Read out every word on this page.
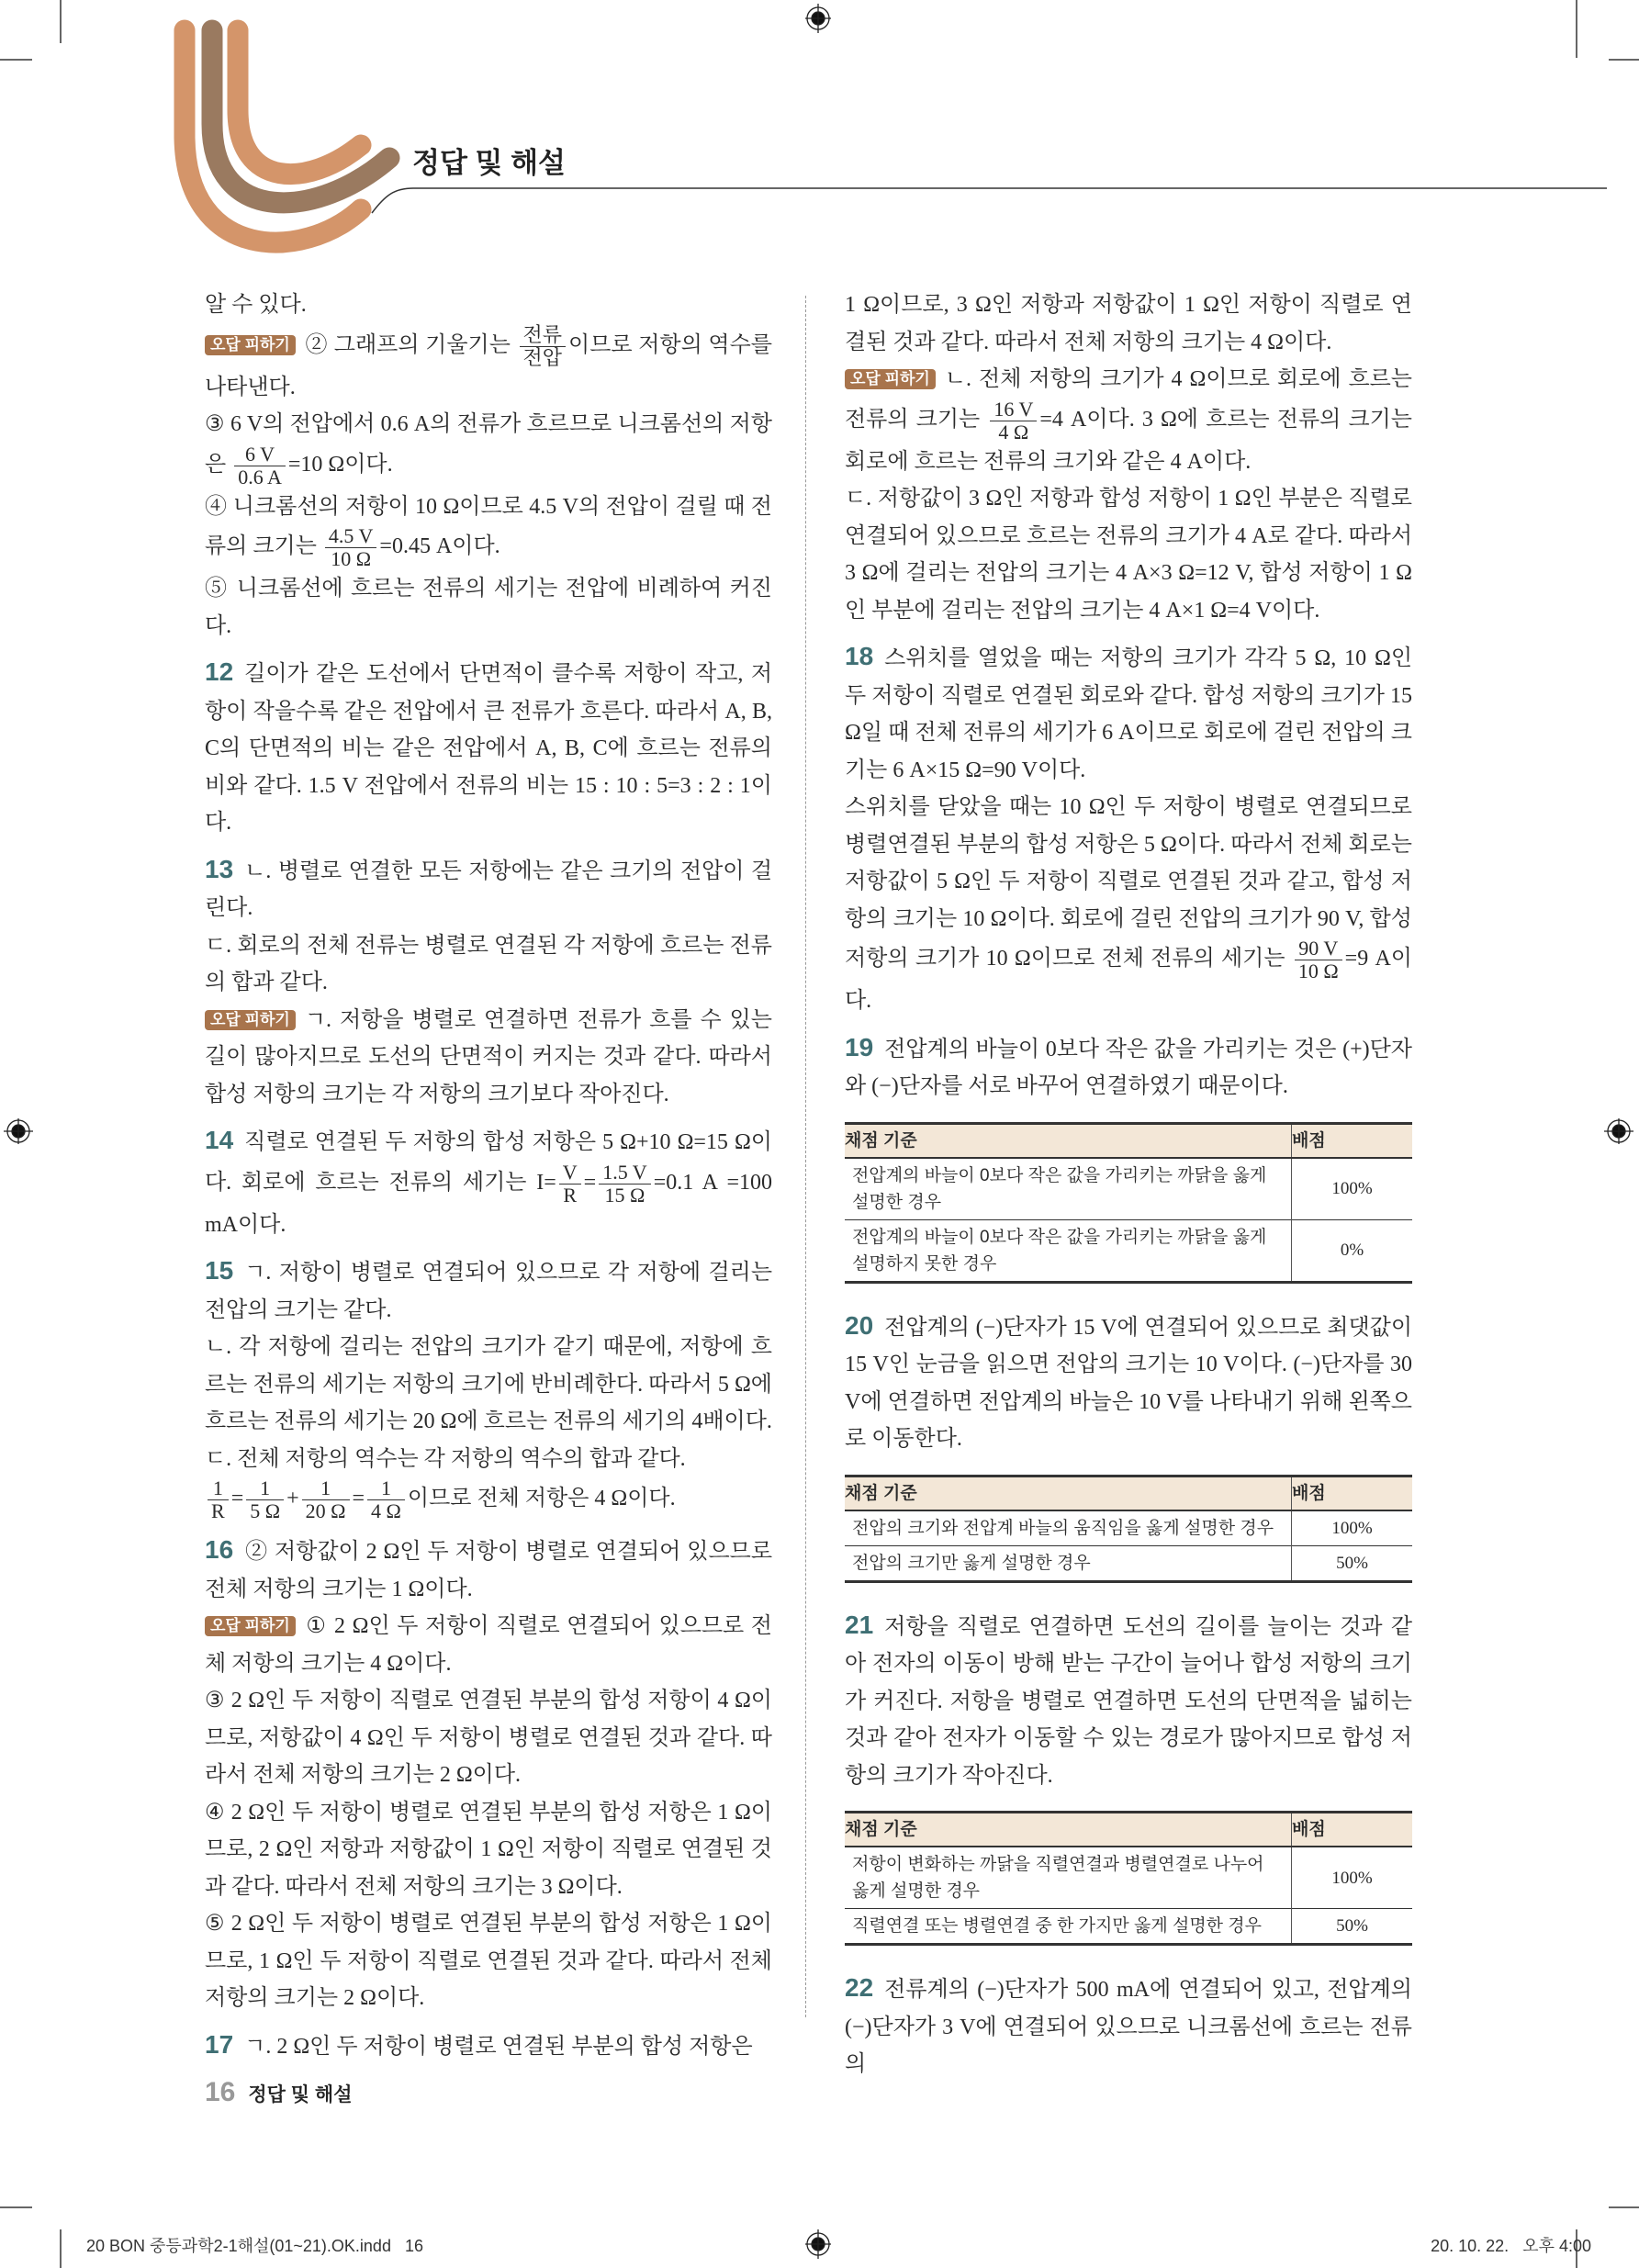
정답 및 해설

알 수 있다.

오답 피하기 ② 그래프의 기울기는 $\frac{\text{전류}}{\text{전압}}$ 이므로 저항의 역수를 나타낸다.

③ 6 V의 전압에서 0.6 A의 전류가 흐르므로 니크롬선의 저항은 $\frac{6 V}{0.6 A} =10$ Ω이다.

④ 니크롬선의 저항이 10 Ω이므로 4.5 V의 전압이 걸릴 때 전류의 크기는 $\frac{4.5 V}{10 \Omega} =0.45$ A이다.

⑤ 니크롬선에 흐르는 전류의 세기는 전압에 비례하여 커진다.

12 길이가 같은 도선에서 단면적이 클수록 저항이 작고, 저항이 작을수록 같은 전압에서 큰 전류가 흐른다. 따라서 A, B, C의 단면적의 비는 같은 전압에서 A, B, C에 흐르는 전류의 비와 같다. 1.5 V 전압에서 전류의 비는 15 : 10 : 5=3 : 2 : 1이다.

13 ㄴ. 병렬로 연결한 모든 저항에는 같은 크기의 전압이 걸린다.

ㄷ. 회로의 전체 전류는 병렬로 연결된 각 저항에 흐르는 전류의 합과 같다.

오답 피하기 ㄱ. 저항을 병렬로 연결하면 전류가 흐를 수 있는 길이 많아지므로 도선의 단면적이 커지는 것과 같다. 따라서 합성 저항의 크기는 각 저항의 크기보다 작아진다.

14 직렬로 연결된 두 저항의 합성 저항은 5 Ω+10 Ω=15 Ω이다. 회로에 흐르는 전류의 세기는 $I= \frac{V}{R} = \frac{1.5 V}{15 \Omega} =0.1$ A =100 mA이다.

15 ㄱ. 저항이 병렬로 연결되어 있으므로 각 저항에 걸리는 전압의 크기는 같다.

ㄴ. 각 저항에 걸리는 전압의 크기가 같기 때문에, 저항에 흐르는 전류의 세기는 저항의 크기에 반비례한다. 따라서 5 Ω에 흐르는 전류의 세기는 20 Ω에 흐르는 전류의 세기의 4배이다.

ㄷ. 전체 저항의 역수는 각 저항의 역수의 합과 같다.

$\frac{1}{R} = \frac{1}{5 \Omega} + \frac{1}{20 \Omega} = \frac{1}{4 \Omega}$ 이므로 전체 저항은 4 Ω이다.

16 ② 저항값이 2 Ω인 두 저항이 병렬로 연결되어 있으므로 전체 저항의 크기는 1 Ω이다.

오답 피하기 ① 2 Ω인 두 저항이 직렬로 연결되어 있으므로 전체 저항의 크기는 4 Ω이다.

③ 2 Ω인 두 저항이 직렬로 연결된 부분의 합성 저항이 4 Ω이므로, 저항값이 4 Ω인 두 저항이 병렬로 연결된 것과 같다. 따라서 전체 저항의 크기는 2 Ω이다.

④ 2 Ω인 두 저항이 병렬로 연결된 부분의 합성 저항은 1 Ω이므로, 2 Ω인 저항과 저항값이 1 Ω인 저항이 직렬로 연결된 것과 같다. 따라서 전체 저항의 크기는 3 Ω이다.

⑤ 2 Ω인 두 저항이 병렬로 연결된 부분의 합성 저항은 1 Ω이므로, 1 Ω인 두 저항이 직렬로 연결된 것과 같다. 따라서 전체 저항의 크기는 2 Ω이다.

17 ㄱ. 2 Ω인 두 저항이 병렬로 연결된 부분의 합성 저항은

1 Ω이므로, 3 Ω인 저항과 저항값이 1 Ω인 저항이 직렬로 연결된 것과 같다. 따라서 전체 저항의 크기는 4 Ω이다.

오답 피하기 ㄴ. 전체 저항의 크기가 4 Ω이므로 회로에 흐르는 전류의 크기는 $\frac{16 V}{4 \Omega} =4$ A이다. 3 Ω에 흐르는 전류의 크기는 회로에 흐르는 전류의 크기와 같은 4 A이다.

ㄷ. 저항값이 3 Ω인 저항과 합성 저항이 1 Ω인 부분은 직렬로 연결되어 있으므로 흐르는 전류의 크기가 4 A로 같다. 따라서 3 Ω에 걸리는 전압의 크기는 4 A×3 Ω=12 V, 합성 저항이 1 Ω인 부분에 걸리는 전압의 크기는 4 A×1 Ω=4 V이다.

18 스위치를 열었을 때는 저항의 크기가 각각 5 Ω, 10 Ω인 두 저항이 직렬로 연결된 회로와 같다. 합성 저항의 크기가 15 Ω일 때 전체 전류의 세기가 6 A이므로 회로에 걸린 전압의 크기는 6 A×15 Ω=90 V이다.

스위치를 닫았을 때는 10 Ω인 두 저항이 병렬로 연결되므로 병렬연결된 부분의 합성 저항은 5 Ω이다. 따라서 전체 회로는 저항값이 5 Ω인 두 저항이 직렬로 연결된 것과 같고, 합성 저항의 크기는 10 Ω이다. 회로에 걸린 전압의 크기가 90 V, 합성 저항의 크기가 10 Ω이므로 전체 전류의 세기는 $\frac{90 V}{10 \Omega} =9$ A이다.

19 전압계의 바늘이 0보다 작은 값을 가리키는 것은 (+)단자와 (−)단자를 서로 바꾸어 연결하였기 때문이다.

채점 기준	배점
전압계의 바늘이 0보다 작은 값을 가리키는 까닭을 옳게 설명한 경우	100%
전압계의 바늘이 0보다 작은 값을 가리키는 까닭을 옳게 설명하지 못한 경우	0%

20 전압계의 (−)단자가 15 V에 연결되어 있으므로 최댓값이 15 V인 눈금을 읽으면 전압의 크기는 10 V이다. (−)단자를 30 V에 연결하면 전압계의 바늘은 10 V를 나타내기 위해 왼쪽으로 이동한다.

채점 기준	배점
전압의 크기와 전압계 바늘의 움직임을 옳게 설명한 경우	100%
전압의 크기만 옳게 설명한 경우	50%

21 저항을 직렬로 연결하면 도선의 길이를 늘이는 것과 같아 전자의 이동이 방해 받는 구간이 늘어나 합성 저항의 크기가 커진다. 저항을 병렬로 연결하면 도선의 단면적을 넓히는 것과 같아 전자가 이동할 수 있는 경로가 많아지므로 합성 저항의 크기가 작아진다.

채점 기준	배점
저항이 변화하는 까닭을 직렬연결과 병렬연결로 나누어 옳게 설명한 경우	100%
직렬연결 또는 병렬연결 중 한 가지만 옳게 설명한 경우	50%

22 전류계의 (−)단자가 500 mA에 연결되어 있고, 전압계의 (−)단자가 3 V에 연결되어 있으므로 니크롬선에 흐르는 전류의

16 정답 및 해설
20 BON 중등과학2-1해설(01~21).OK.indd   16	20. 10. 22.   오후 4:00
